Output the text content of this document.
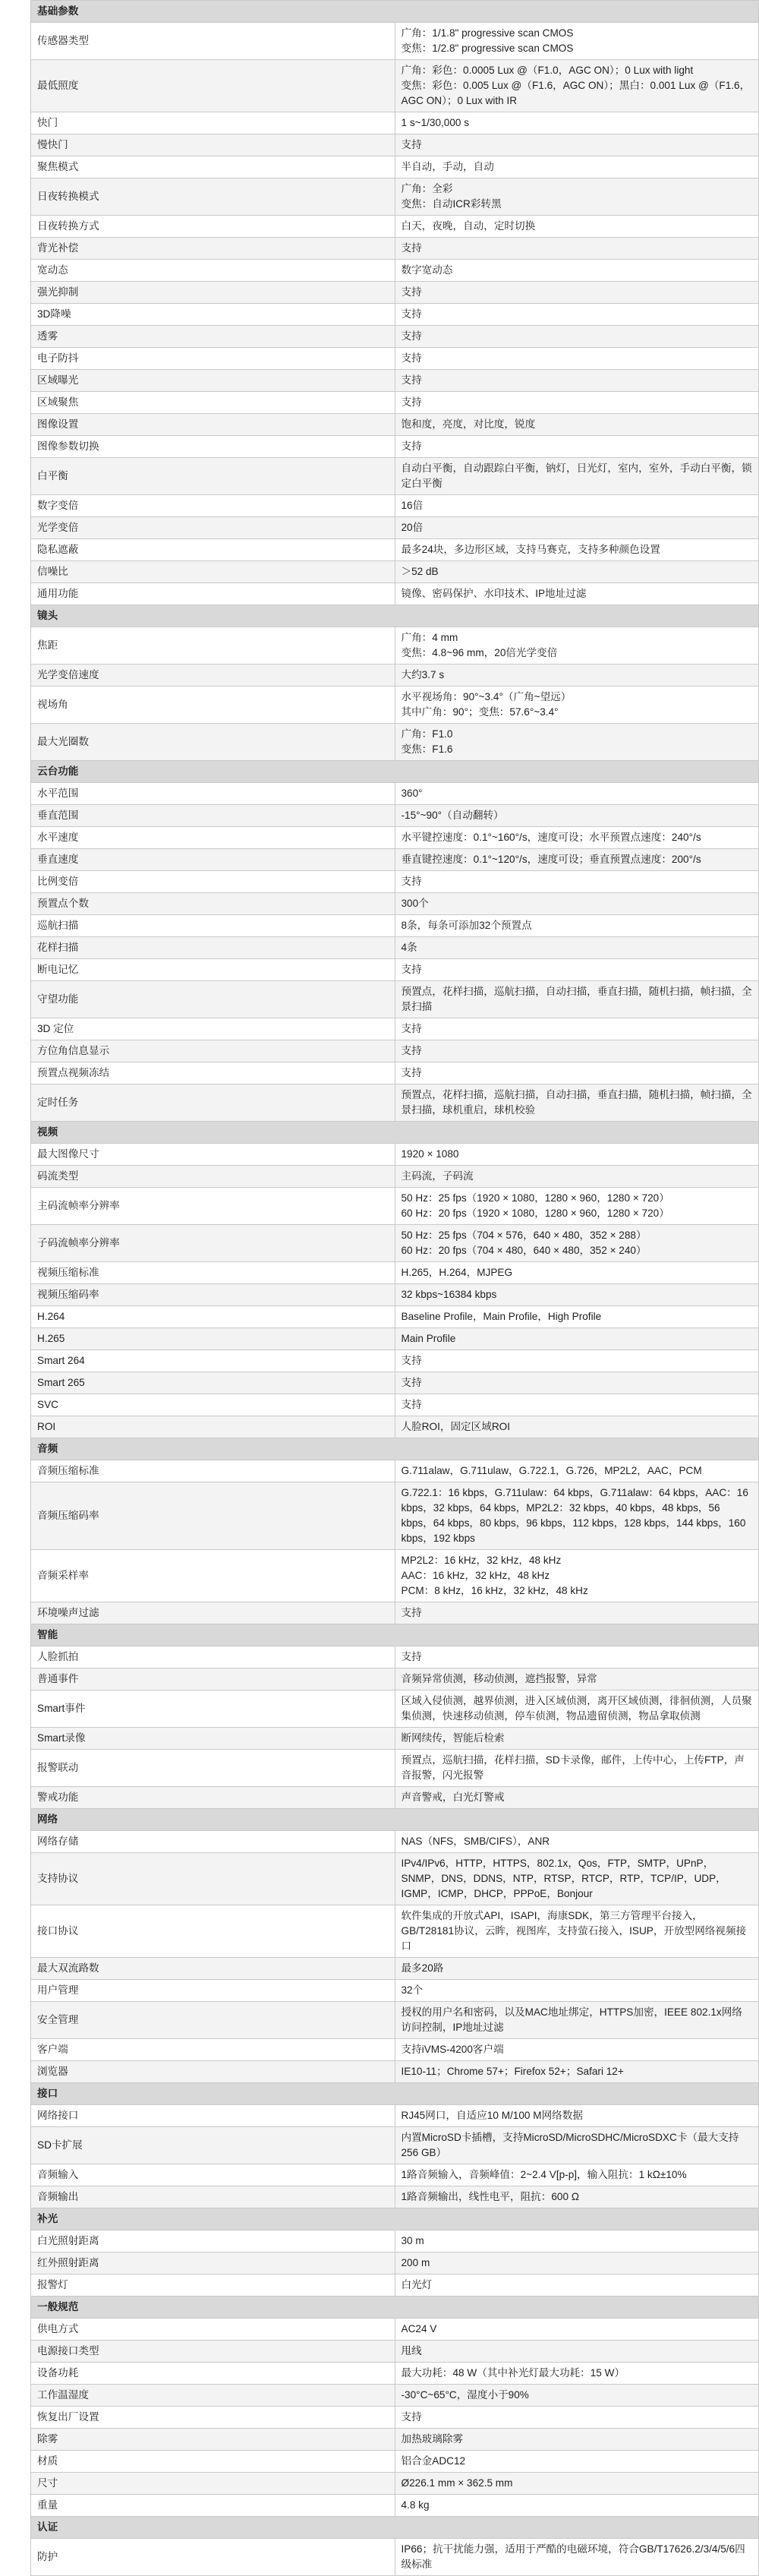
基础参数	
传感器类型	广角：1/1.8" progressive scan CMOS
变焦：1/2.8" progressive scan CMOS

最低照度	广角：彩色：0.0005 Lux @（F1.0，AGC ON）；0 Lux with light
变焦：彩色：0.005 Lux @（F1.6，AGC ON）；黑白：0.001 Lux @（F1.6，AGC ON）；0 Lux with IR

快门	1 s~1/30,000 s

慢快门	支持

聚焦模式	半自动，手动，自动

日夜转换模式	广角：全彩
变焦：自动ICR彩转黑

日夜转换方式	白天，夜晚，自动，定时切换

背光补偿	支持

宽动态	数字宽动态

强光抑制	支持

3D降噪	支持

透雾	支持

电子防抖	支持

区域曝光	支持

区域聚焦	支持

图像设置	饱和度，亮度，对比度，锐度

图像参数切换	支持

白平衡	自动白平衡，自动跟踪白平衡，钠灯，日光灯，室内，室外，手动白平衡，锁定白平衡

数字变倍	16倍

光学变倍	20倍

隐私遮蔽	最多24块，多边形区域，支持马赛克，支持多种颜色设置

信噪比	＞52 dB

通用功能	镜像、密码保护、水印技术、IP地址过滤

镜头	
焦距	广角：4 mm
变焦：4.8~96 mm，20倍光学变倍

光学变倍速度	大约3.7 s

视场角	水平视场角：90°~3.4°（广角~望远）
其中广角：90°；变焦：57.6°~3.4°

最大光圈数	广角：F1.0
变焦：F1.6

云台功能	
水平范围	360°

垂直范围	-15°~90°（自动翻转）

水平速度	水平键控速度：0.1°~160°/s，速度可设；水平预置点速度：240°/s

垂直速度	垂直键控速度：0.1°~120°/s，速度可设；垂直预置点速度：200°/s

比例变倍	支持

预置点个数	300个

巡航扫描	8条，每条可添加32个预置点

花样扫描	4条

断电记忆	支持

守望功能	预置点，花样扫描，巡航扫描，自动扫描，垂直扫描，随机扫描，帧扫描，全景扫描

3D 定位	支持

方位角信息显示	支持

预置点视频冻结	支持

定时任务	预置点，花样扫描，巡航扫描，自动扫描，垂直扫描，随机扫描，帧扫描，全景扫描，球机重启，球机校验

视频	
最大图像尺寸	1920 × 1080

码流类型	主码流，子码流

主码流帧率分辨率	50 Hz：25 fps（1920 × 1080，1280 × 960，1280 × 720）
60 Hz：20 fps（1920 × 1080，1280 × 960，1280 × 720）

子码流帧率分辨率	50 Hz：25 fps（704 × 576，640 × 480，352 × 288）
60 Hz：20 fps（704 × 480，640 × 480，352 × 240）

视频压缩标准	H.265，H.264，MJPEG

视频压缩码率	32 kbps~16384 kbps

H.264	Baseline Profile，Main Profile，High Profile

H.265	Main Profile

Smart 264	支持

Smart 265	支持

SVC	支持

ROI	人脸ROI，固定区域ROI

音频	
音频压缩标准	G.711alaw，G.711ulaw，G.722.1，G.726，MP2L2，AAC，PCM

音频压缩码率	G.722.1：16 kbps，G.711ulaw：64 kbps，G.711alaw：64 kbps，AAC：16 kbps，32 kbps，64 kbps，MP2L2：32 kbps，40 kbps，48 kbps，56 kbps，64 kbps，80 kbps，96 kbps，112 kbps，128 kbps，144 kbps，160 kbps，192 kbps

音频采样率	MP2L2：16 kHz，32 kHz，48 kHz
AAC：16 kHz，32 kHz，48 kHz
PCM：8 kHz，16 kHz，32 kHz，48 kHz

环境噪声过滤	支持

智能	
人脸抓拍	支持

普通事件	音频异常侦测，移动侦测，遮挡报警，异常

Smart事件	区域入侵侦测，越界侦测，进入区域侦测，离开区域侦测，徘徊侦测，人员聚集侦测，快速移动侦测，停车侦测，物品遗留侦测，物品拿取侦测

Smart录像	断网续传，智能后检索

报警联动	预置点，巡航扫描，花样扫描，SD卡录像，邮件，上传中心，上传FTP，声音报警，闪光报警

警戒功能	声音警戒，白光灯警戒

网络	
网络存储	NAS（NFS，SMB/CIFS），ANR

支持协议	IPv4/IPv6，HTTP，HTTPS，802.1x，Qos，FTP，SMTP，UPnP，SNMP，DNS，DDNS，NTP，RTSP，RTCP，RTP，TCP/IP，UDP，IGMP，ICMP，DHCP，PPPoE，Bonjour

接口协议	软件集成的开放式API，ISAPI，海康SDK，第三方管理平台接入，GB/T28181协议，云眸，视图库，支持萤石接入，ISUP，开放型网络视频接口

最大双流路数	最多20路

用户管理	32个

安全管理	授权的用户名和密码，以及MAC地址绑定，HTTPS加密，IEEE 802.1x网络访问控制，IP地址过滤

客户端	支持iVMS-4200客户端

浏览器	IE10-11；Chrome 57+；Firefox 52+；Safari 12+

接口	
网络接口	RJ45网口，自适应10 M/100 M网络数据

SD卡扩展	内置MicroSD卡插槽，支持MicroSD/MicroSDHC/MicroSDXC卡（最大支持256 GB）

音频输入	1路音频输入，音频峰值：2~2.4 V[p-p]，输入阻抗：1 kΩ±10%

音频输出	1路音频输出，线性电平，阻抗：600 Ω

补光	
白光照射距离	30 m

红外照射距离	200 m

报警灯	白光灯

一般规范	
供电方式	AC24 V

电源接口类型	甩线

设备功耗	最大功耗：48 W（其中补光灯最大功耗：15 W）

工作温湿度	-30°C~65°C，湿度小于90%

恢复出厂设置	支持

除雾	加热玻璃除雾

材质	铝合金ADC12

尺寸	Ø226.1 mm × 362.5 mm

重量	4.8 kg

认证	
防护	IP66；抗干扰能力强，适用于严酷的电磁环境，符合GB/T17626.2/3/4/5/6四级标准
